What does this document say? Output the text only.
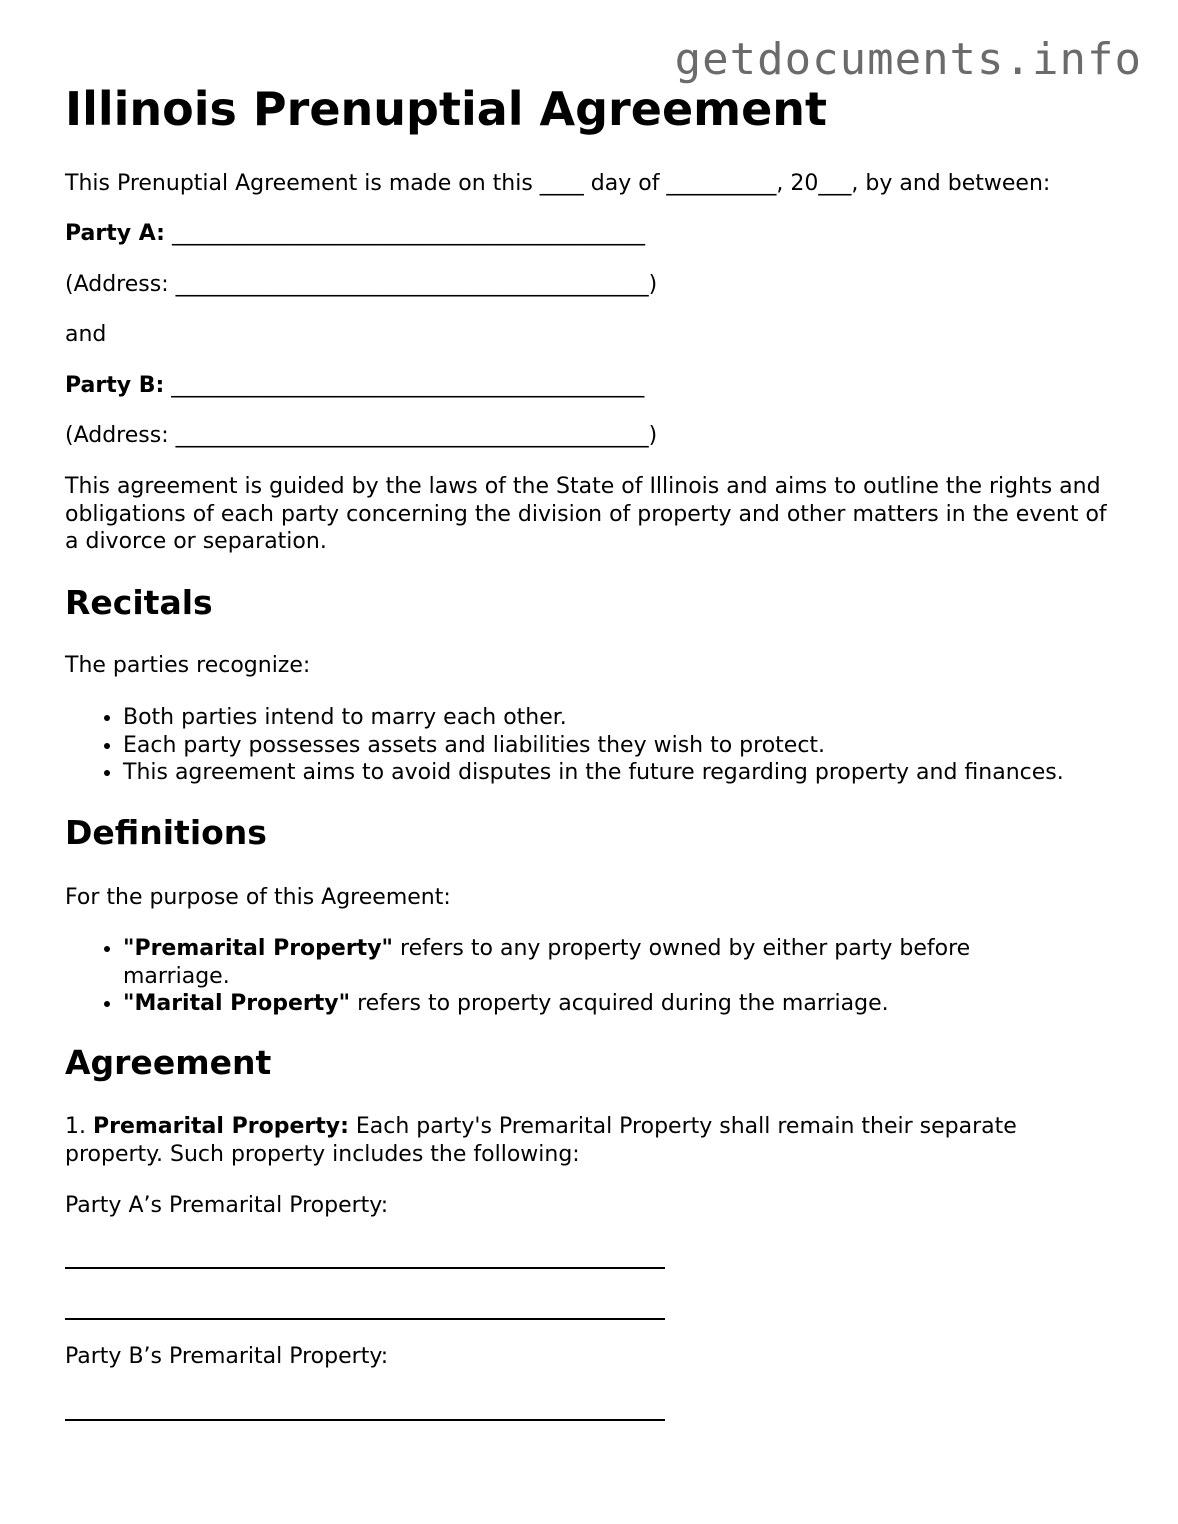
getdocuments.info
Illinois Prenuptial Agreement

This Prenuptial Agreement is made on this ____ day of __________, 20___, by and between:

Party A: ___________________________________________

(Address: ___________________________________________)

and

Party B: ___________________________________________

(Address: ___________________________________________)

This agreement is guided by the laws of the State of Illinois and aims to outline the rights and obligations of each party concerning the division of property and other matters in the event of a divorce or separation.

Recitals

The parties recognize:

• Both parties intend to marry each other.
• Each party possesses assets and liabilities they wish to protect.
• This agreement aims to avoid disputes in the future regarding property and finances.
Definitions

For the purpose of this Agreement:

• "Premarital Property" refers to any property owned by either party before marriage.
• "Marital Property" refers to property acquired during the marriage.
Agreement

1. Premarital Property: Each party's Premarital Property shall remain their separate property. Such property includes the following:

Party A’s Premarital Property:

Party B’s Premarital Property:
